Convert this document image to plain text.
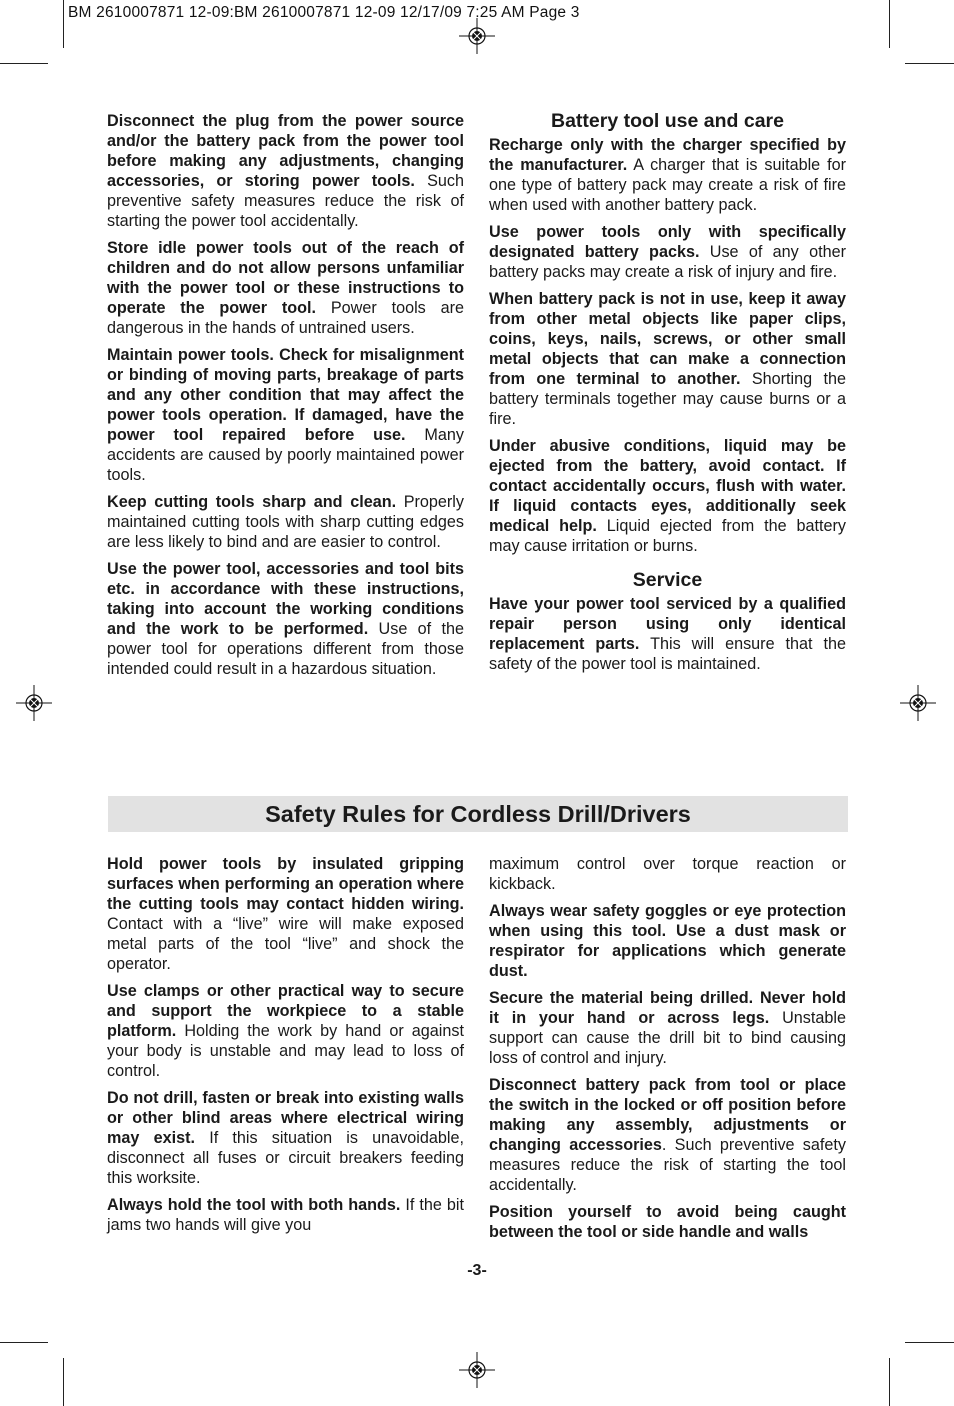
BM 2610007871 12-09:BM 2610007871 12-09 12/17/09 7:25 AM Page 3

Disconnect the plug from the power source and/or the battery pack from the power tool before making any adjustments, changing accessories, or storing power tools. Such preventive safety measures reduce the risk of starting the power tool accidentally.

Store idle power tools out of the reach of children and do not allow persons unfamiliar with the power tool or these instructions to operate the power tool. Power tools are dangerous in the hands of untrained users.

Maintain power tools. Check for misalignment or binding of moving parts, breakage of parts and any other condition that may affect the power tools operation. If damaged, have the power tool repaired before use. Many accidents are caused by poorly maintained power tools.

Keep cutting tools sharp and clean. Properly maintained cutting tools with sharp cutting edges are less likely to bind and are easier to control.

Use the power tool, accessories and tool bits etc. in accordance with these instructions, taking into account the working conditions and the work to be performed. Use of the power tool for operations different from those intended could result in a hazardous situation.

Battery tool use and care

Recharge only with the charger specified by the manufacturer. A charger that is suitable for one type of battery pack may create a risk of fire when used with another battery pack.

Use power tools only with specifically designated battery packs. Use of any other battery packs may create a risk of injury and fire.

When battery pack is not in use, keep it away from other metal objects like paper clips, coins, keys, nails, screws, or other small metal objects that can make a connection from one terminal to another. Shorting the battery terminals together may cause burns or a fire.

Under abusive conditions, liquid may be ejected from the battery, avoid contact. If contact accidentally occurs, flush with water. If liquid contacts eyes, additionally seek medical help. Liquid ejected from the battery may cause irritation or burns.

Service

Have your power tool serviced by a qualified repair person using only identical replacement parts. This will ensure that the safety of the power tool is maintained.

Safety Rules for Cordless Drill/Drivers

Hold power tools by insulated gripping surfaces when performing an operation where the cutting tools may contact hidden wiring. Contact with a “live” wire will make exposed metal parts of the tool “live” and shock the operator.

Use clamps or other practical way to secure and support the workpiece to a stable platform. Holding the work by hand or against your body is unstable and may lead to loss of control.

Do not drill, fasten or break into existing walls or other blind areas where electrical wiring may exist. If this situation is unavoidable, disconnect all fuses or circuit breakers feeding this worksite.

Always hold the tool with both hands. If the bit jams two hands will give you

maximum control over torque reaction or kickback.

Always wear safety goggles or eye protection when using this tool. Use a dust mask or respirator for applications which generate dust.

Secure the material being drilled. Never hold it in your hand or across legs. Unstable support can cause the drill bit to bind causing loss of control and injury.

Disconnect battery pack from tool or place the switch in the locked or off position before making any assembly, adjustments or changing accessories. Such preventive safety measures reduce the risk of starting the tool accidentally.

Position yourself to avoid being caught between the tool or side handle and walls

-3-
